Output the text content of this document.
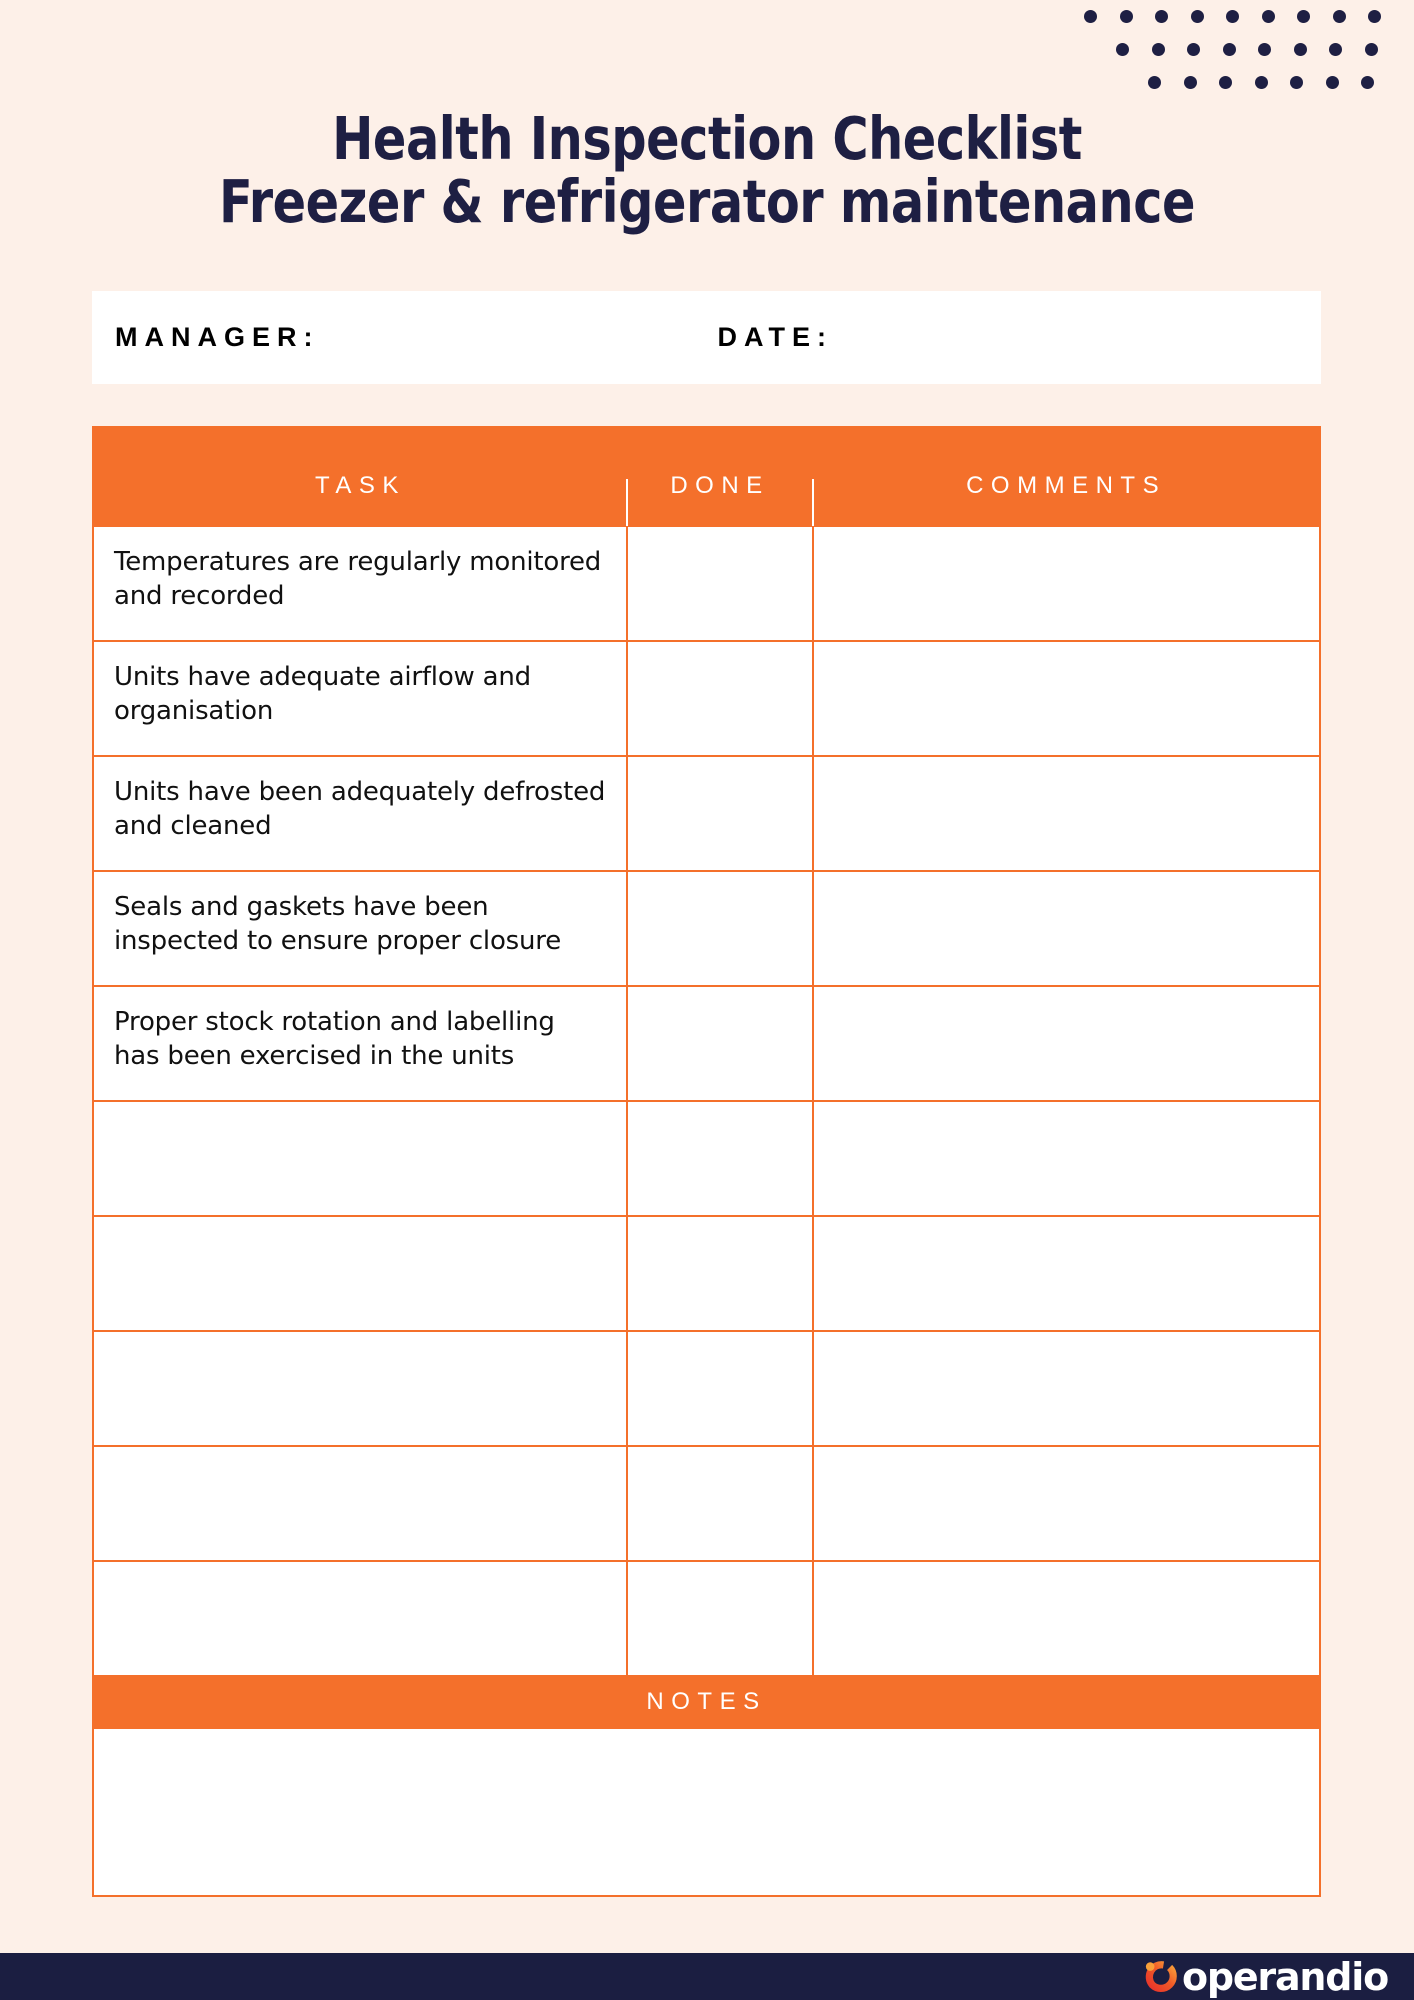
Health Inspection Checklist
Freezer & refrigerator maintenance
MANAGER:	DATE:
TASK	DONE	COMMENTS

Temperatures are regularly monitored and recorded		
Units have adequate airflow and organisation		
Units have been adequately defrosted and cleaned		
Seals and gaskets have been inspected to ensure proper closure		
Proper stock rotation and labelling has been exercised in the units		

NOTES		

operandio
